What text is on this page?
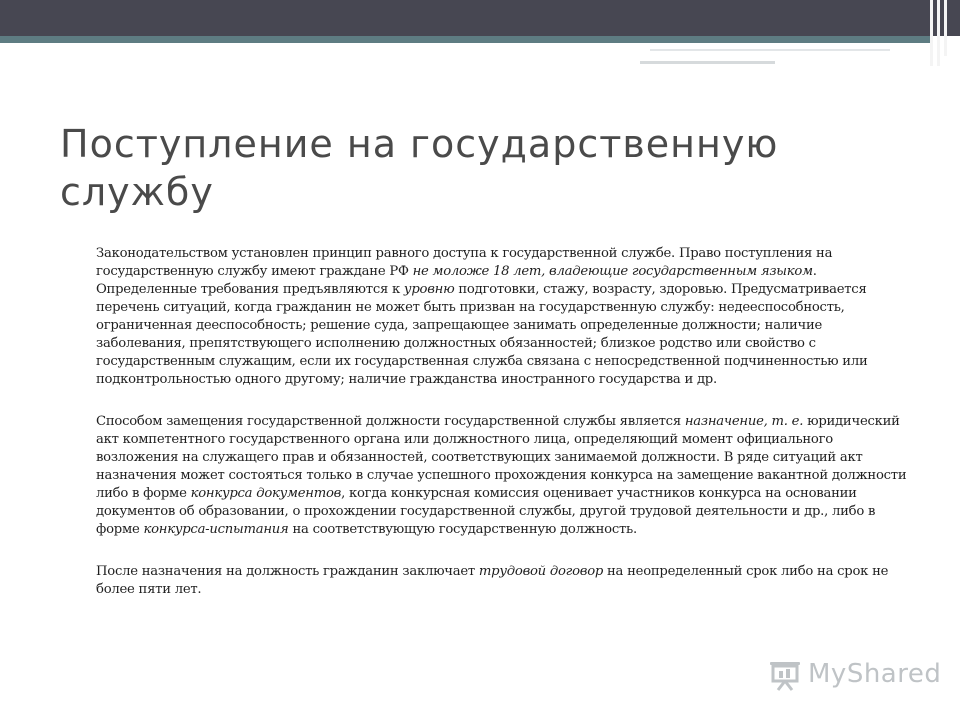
Поступление на государственную службу

Законодательством установлен принцип равного доступа к государственной службе. Право поступления на государственную службу имеют граждане РФ не моложе 18 лет, владеющие государственным языком. Определенные требования предъявляются к уровню подготовки, стажу, возрасту, здоровью. Предусматривается перечень ситуаций, когда гражданин не может быть призван на государственную службу: недееспособность, ограниченная дееспособность; решение суда, запрещающее занимать определенные должности; наличие заболевания, препятствующего исполнению должностных обязанностей; близкое родство или свойство с государственным служащим, если их государственная служба связана с непосредственной подчиненностью или подконтрольностью одного другому; наличие гражданства иностранного государства и др.

Способом замещения государственной должности государственной службы является назначение, т. е. юридический акт компетентного государственного органа или должностного лица, определяющий момент официального возложения на служащего прав и обязанностей, соответствующих занимаемой должности. В ряде ситуаций акт назначения может состояться только в случае успешного прохождения конкурса на замещение вакантной должности либо в форме конкурса документов, когда конкурсная комиссия оценивает участников конкурса на основании документов об образовании, о прохождении государственной службы, другой трудовой деятельности и др., либо в форме конкурса-испытания на соответствующую государственную должность.

После назначения на должность гражданин заключает трудовой договор на неопределенный срок либо на срок не более пяти лет.

MyShared
